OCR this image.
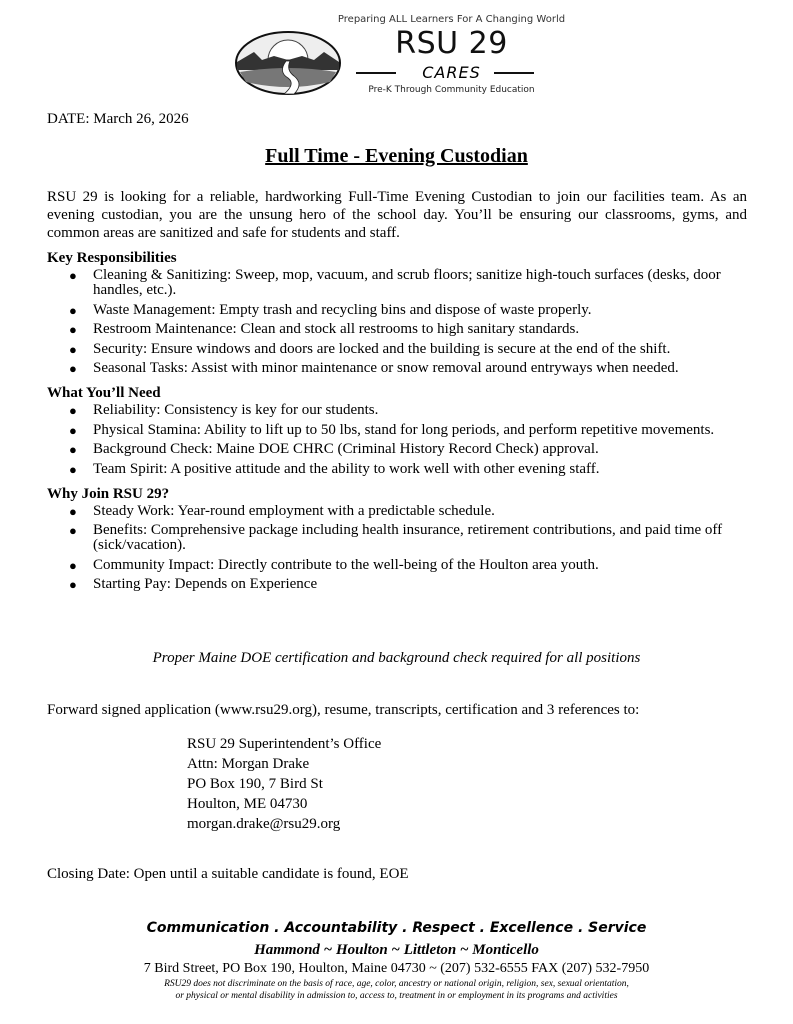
Preparing ALL Learners For A Changing World
RSU 29
CARES
Pre-K Through Community Education
DATE: March 26, 2026
Full Time - Evening Custodian
RSU 29 is looking for a reliable, hardworking Full-Time Evening Custodian to join our facilities team. As an evening custodian, you are the unsung hero of the school day. You’ll be ensuring our classrooms, gyms, and common areas are sanitized and safe for students and staff.
Key Responsibilities
● Cleaning & Sanitizing: Sweep, mop, vacuum, and scrub floors; sanitize high-touch surfaces (desks, door handles, etc.).
● Waste Management: Empty trash and recycling bins and dispose of waste properly.
● Restroom Maintenance: Clean and stock all restrooms to high sanitary standards.
● Security: Ensure windows and doors are locked and the building is secure at the end of the shift.
● Seasonal Tasks: Assist with minor maintenance or snow removal around entryways when needed.
What You’ll Need
● Reliability: Consistency is key for our students.
● Physical Stamina: Ability to lift up to 50 lbs, stand for long periods, and perform repetitive movements.
● Background Check: Maine DOE CHRC (Criminal History Record Check) approval.
● Team Spirit: A positive attitude and the ability to work well with other evening staff.
Why Join RSU 29?
● Steady Work: Year-round employment with a predictable schedule.
● Benefits: Comprehensive package including health insurance, retirement contributions, and paid time off (sick/vacation).
● Community Impact: Directly contribute to the well-being of the Houlton area youth.
● Starting Pay: Depends on Experience
Proper Maine DOE certification and background check required for all positions
Forward signed application (www.rsu29.org), resume, transcripts, certification and 3 references to:
RSU 29 Superintendent’s Office
Attn: Morgan Drake
PO Box 190, 7 Bird St
Houlton, ME 04730
morgan.drake@rsu29.org
Closing Date: Open until a suitable candidate is found, EOE
Communication . Accountability . Respect . Excellence . Service
Hammond ~ Houlton ~ Littleton ~ Monticello
7 Bird Street, PO Box 190, Houlton, Maine 04730 ~ (207) 532-6555 FAX (207) 532-7950
RSU29 does not discriminate on the basis of race, age, color, ancestry or national origin, religion, sex, sexual orientation,
or physical or mental disability in admission to, access to, treatment in or employment in its programs and activities
